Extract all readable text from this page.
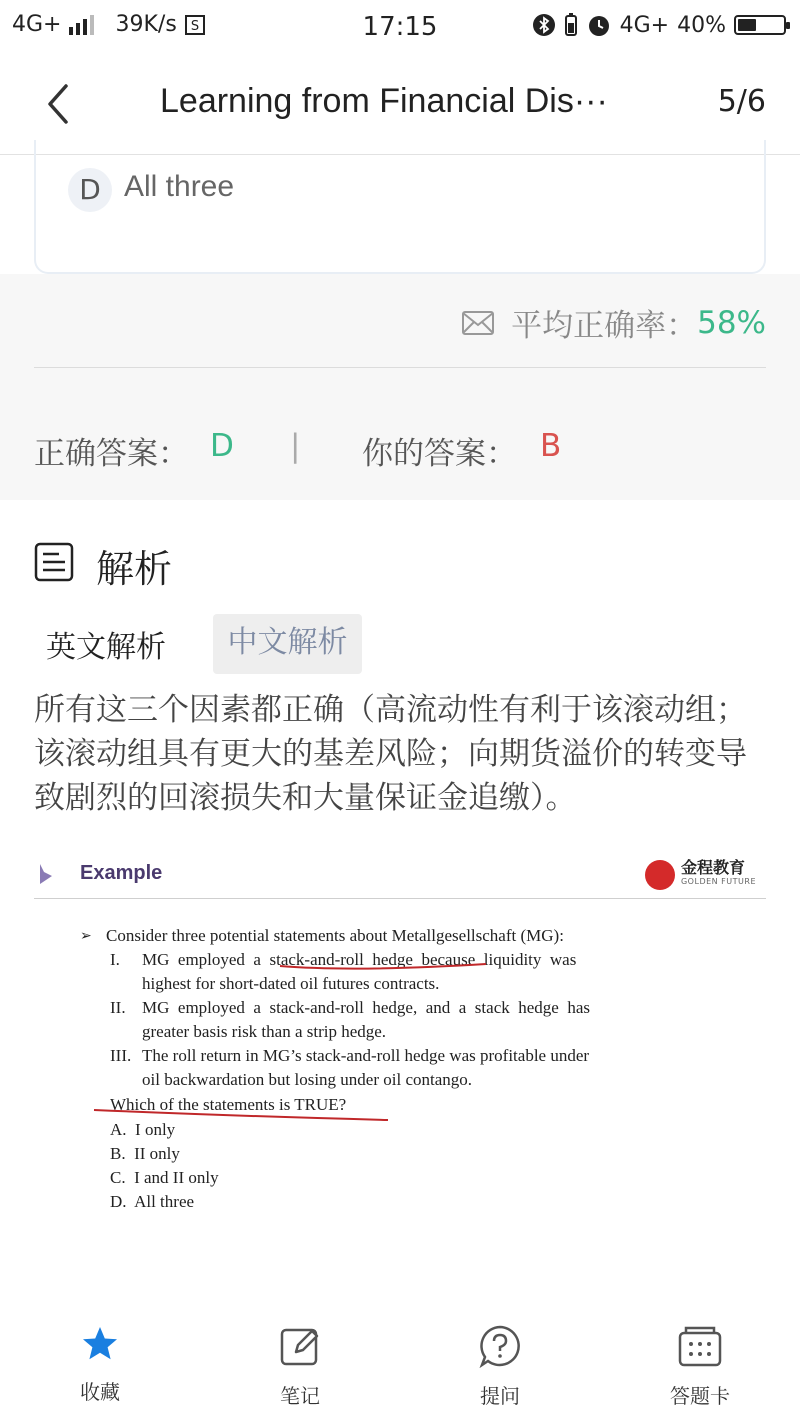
4G+ 39K/s S	17:15	4G+ 40%
Learning from Financial Dis···	5/6
D All three
平均正确率： 58%
正确答案： D | 你的答案： B
解析
英文解析	中文解析
所有这三个因素都正确（高流动性有利于该滚动组；该滚动组具有更大的基差风险；向期货溢价的转变导致剧烈的回滚损失和大量保证金追缴）。
Example	金程教育
GOLDEN FUTURE
➢ Consider three potential statements about Metallgesellschaft (MG):
I. MG  employed  a  stack-and-roll  hedge  because  liquidity  was
highest for short-dated oil futures contracts.
II. MG  employed  a  stack-and-roll  hedge,  and  a  stack  hedge  has
greater basis risk than a strip hedge.
III. The roll return in MG’s stack-and-roll hedge was profitable under
oil backwardation but losing under oil contango.
Which of the statements is TRUE?
A.  I only
B.  II only
C.  I and II only
D.  All three
收藏	笔记	提问	答题卡
